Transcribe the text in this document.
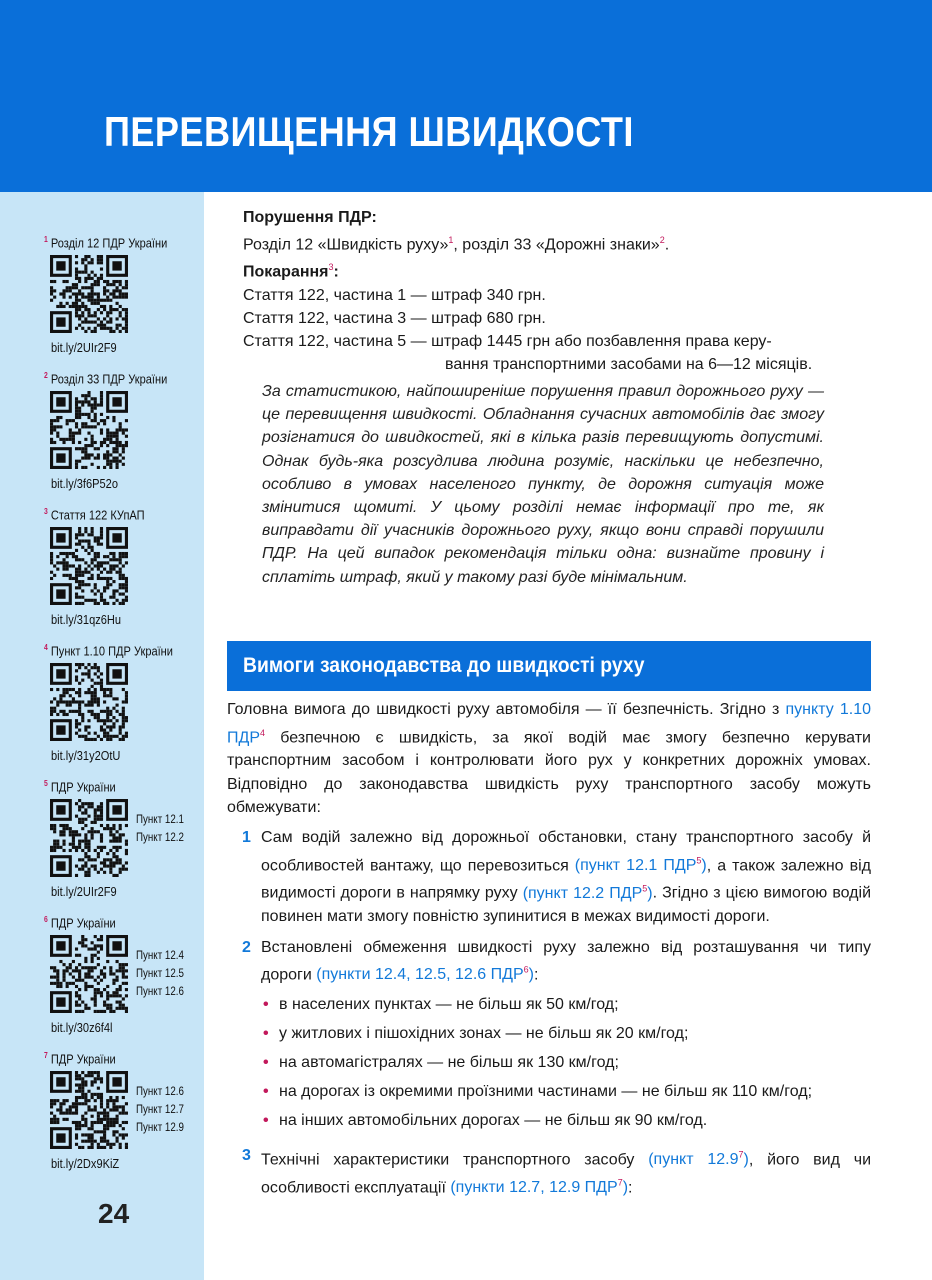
ПЕРЕВИЩЕННЯ ШВИДКОСТІ
$^1$ Розділ 12 ПДР України
bit.ly/2UIr2F9
$^2$ Розділ 33 ПДР України
bit.ly/3f6P52o
$^3$ Стаття 122 КУпАП
bit.ly/31qz6Hu
$^4$ Пункт 1.10 ПДР України
bit.ly/31y2OtU
$^5$ ПДР України
Пункт 12.1
Пункт 12.2
bit.ly/2UIr2F9
$^6$ ПДР України
Пункт 12.4
Пункт 12.5
Пункт 12.6
bit.ly/30z6f4l
$^7$ ПДР України
Пункт 12.6
Пункт 12.7
Пункт 12.9
bit.ly/2Dx9KiZ
24
Порушення ПДР:
Розділ 12 «Швидкість руху»$^1$, розділ 33 «Дорожні знаки»$^2$.
Покарання$^3$:
Стаття 122, частина 1 — штраф 340 грн.
Стаття 122, частина 3 — штраф 680 грн.
Стаття 122, частина 5 — штраф 1445 грн або позбавлення права керу-
вання транспортними засобами на 6—12 місяців.
За статистикою, найпоширеніше порушення правил дорожнього руху — це перевищення швидкості. Обладнання сучасних автомобілів дає змогу розігнатися до швидкостей, які в кілька разів перевищують допустимі. Однак будь-яка розсудлива людина розуміє, наскільки це небезпечно, особливо в умовах населеного пункту, де дорожня ситуація може змінитися щомиті. У цьому розділі немає інформації про те, як виправдати дії учасників дорожнього руху, якщо вони справді порушили ПДР. На цей випадок рекомендація тільки одна: визнайте провину і сплатіть штраф, який у такому разі буде мінімальним.
Вимоги законодавства до швидкості руху
Головна вимога до швидкості руху автомобіля — її безпечність. Згідно з пункту 1.10 ПДР$^4$ безпечною є швидкість, за якої водій має змогу безпечно керувати транспортним засобом і контролювати його рух у конкретних дорожніх умовах. Відповідно до законодавства швидкість руху транспортного засобу можуть обмежувати:
1 Сам водій залежно від дорожньої обстановки, стану транспортного засобу й особливостей вантажу, що перевозиться (пункт 12.1 ПДР$^5$), а також залежно від видимості дороги в напрямку руху (пункт 12.2 ПДР$^5$). Згідно з цією вимогою водій повинен мати змогу повністю зупинитися в межах видимості дороги.
2 Встановлені обмеження швидкості руху залежно від розташування чи типу дороги (пункти 12.4, 12.5, 12.6 ПДР$^6$):
• в населених пунктах — не більш як 50 км/год;
• у житлових і пішохідних зонах — не більш як 20 км/год;
• на автомагістралях — не більш як 130 км/год;
• на дорогах із окремими проїзними частинами — не більш як 110 км/год;
• на інших автомобільних дорогах — не більш як 90 км/год.
3 Технічні характеристики транспортного засобу (пункт 12.9$^7$), його вид чи особливості експлуатації (пункти 12.7, 12.9 ПДР$^7$):
